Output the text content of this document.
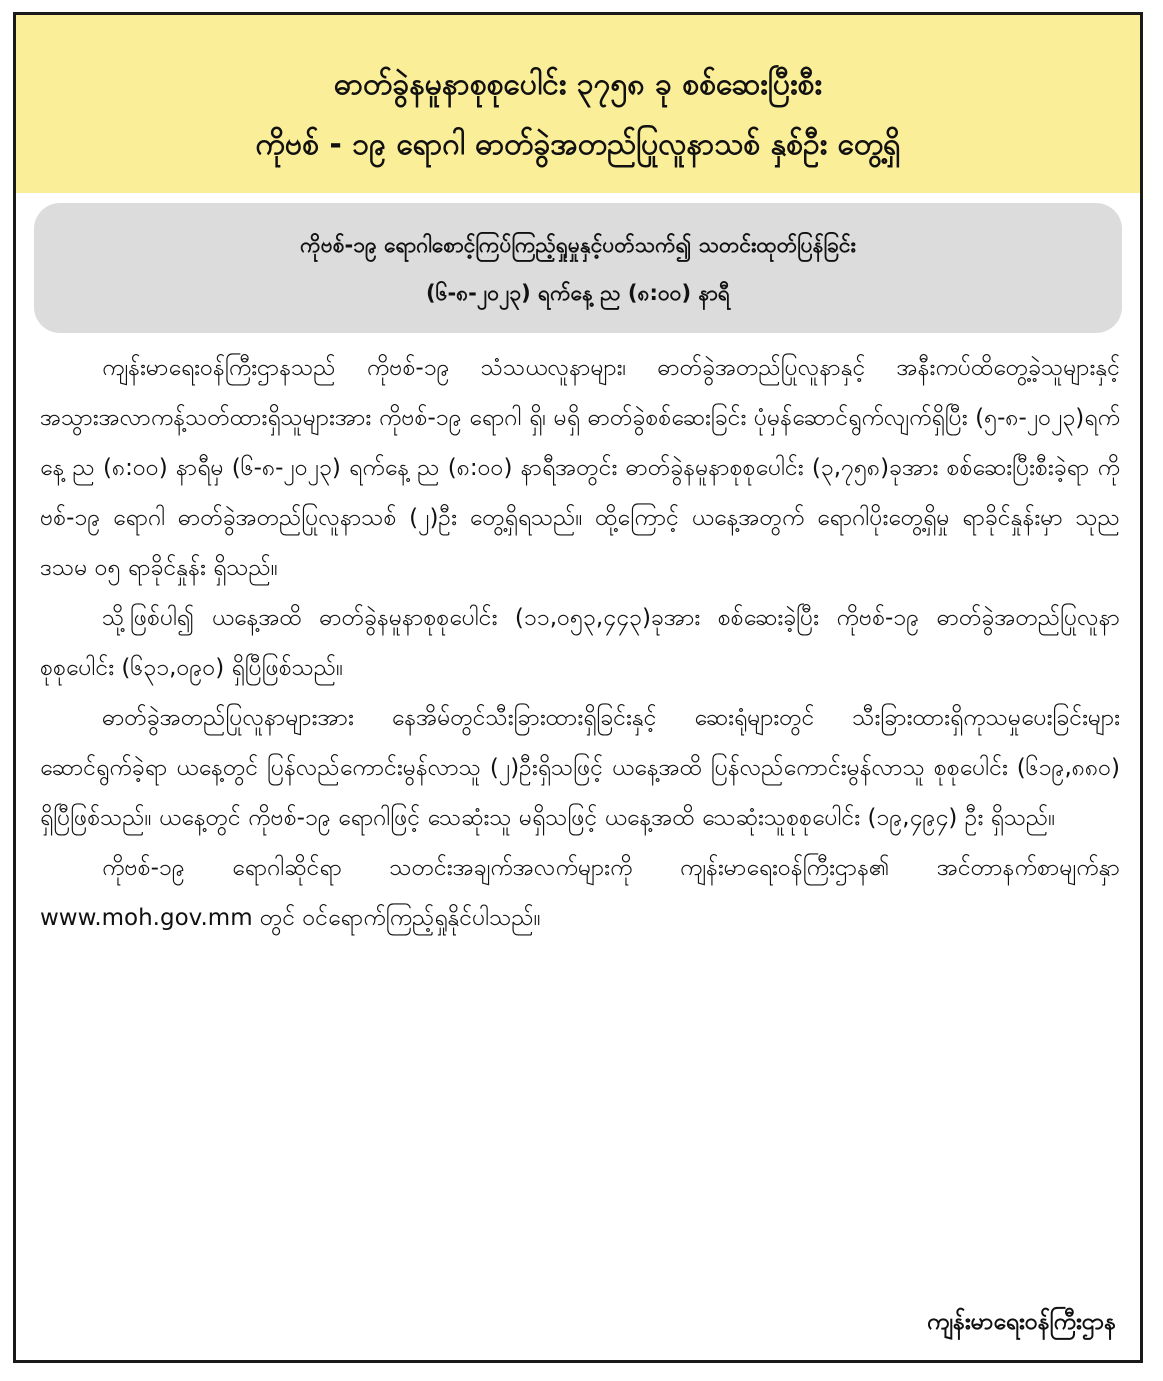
ဓာတ်ခွဲနမူနာစုစုပေါင်း ၃၇၅၈ ခု စစ်ဆေးပြီးစီး
ကိုဗစ် - ၁၉ ရောဂါ ဓာတ်ခွဲအတည်ပြုလူနာသစ် နှစ်ဦး တွေ့ရှိ
ကိုဗစ်-၁၉ ရောဂါစောင့်ကြပ်ကြည့်ရှုမှုနှင့်ပတ်သက်၍ သတင်းထုတ်ပြန်ခြင်း
(၆-၈-၂၀၂၃) ရက်နေ့ ည (၈:၀၀) နာရီ

ကျန်းမာရေးဝန်ကြီးဌာနသည် ကိုဗစ်-၁၉ သံသယလူနာများ၊ ဓာတ်ခွဲအတည်ပြုလူနာနှင့် အနီးကပ်ထိတွေ့ခဲ့သူများနှင့် အသွားအလာကန့်သတ်ထားရှိသူများအား ကိုဗစ်-၁၉ ရောဂါ ရှိ၊ မရှိ ဓာတ်ခွဲစစ်ဆေးခြင်း ပုံမှန်ဆောင်ရွက်လျက်ရှိပြီး (၅-၈-၂၀၂၃)ရက်နေ့ ည (၈:၀၀) နာရီမှ (၆-၈-၂၀၂၃) ရက်နေ့ ည (၈:၀၀) နာရီအတွင်း ဓာတ်ခွဲနမူနာစုစုပေါင်း (၃,၇၅၈)ခုအား စစ်ဆေးပြီးစီးခဲ့ရာ ကိုဗစ်-၁၉ ရောဂါ ဓာတ်ခွဲအတည်ပြုလူနာသစ် (၂)ဦး တွေ့ရှိရသည်။ ထို့ကြောင့် ယနေ့အတွက် ရောဂါပိုးတွေ့ရှိမှု ရာခိုင်နှုန်းမှာ သုည ဒသမ ၀၅ ရာခိုင်နှုန်း ရှိသည်။

သို့ဖြစ်ပါ၍ ယနေ့အထိ ဓာတ်ခွဲနမူနာစုစုပေါင်း (၁၁,၀၅၃,၄၄၃)ခုအား စစ်ဆေးခဲ့ပြီး ကိုဗစ်-၁၉ ဓာတ်ခွဲအတည်ပြုလူနာ စုစုပေါင်း (၆၃၁,၀၉၀) ရှိပြီဖြစ်သည်။

ဓာတ်ခွဲအတည်ပြုလူနာများအား နေအိမ်တွင်သီးခြားထားရှိခြင်းနှင့် ဆေးရုံများတွင် သီးခြားထားရှိကုသမှုပေးခြင်းများ ဆောင်ရွက်ခဲ့ရာ ယနေ့တွင် ပြန်လည်ကောင်းမွန်လာသူ (၂)ဦးရှိသဖြင့် ယနေ့အထိ ပြန်လည်ကောင်းမွန်လာသူ စုစုပေါင်း (၆၁၉,၈၈၀) ရှိပြီဖြစ်သည်။ ယနေ့တွင် ကိုဗစ်-၁၉ ရောဂါဖြင့် သေဆုံးသူ မရှိသဖြင့် ယနေ့အထိ သေဆုံးသူစုစုပေါင်း (၁၉,၄၉၄) ဦး ရှိသည်။

ကိုဗစ်-၁၉ ရောဂါဆိုင်ရာ သတင်းအချက်အလက်များကို ကျန်းမာရေးဝန်ကြီးဌာန၏ အင်တာနက်စာမျက်နှာ www.moh.gov.mm တွင် ဝင်ရောက်ကြည့်ရှုနိုင်ပါသည်။

ကျန်းမာရေးဝန်ကြီးဌာန
